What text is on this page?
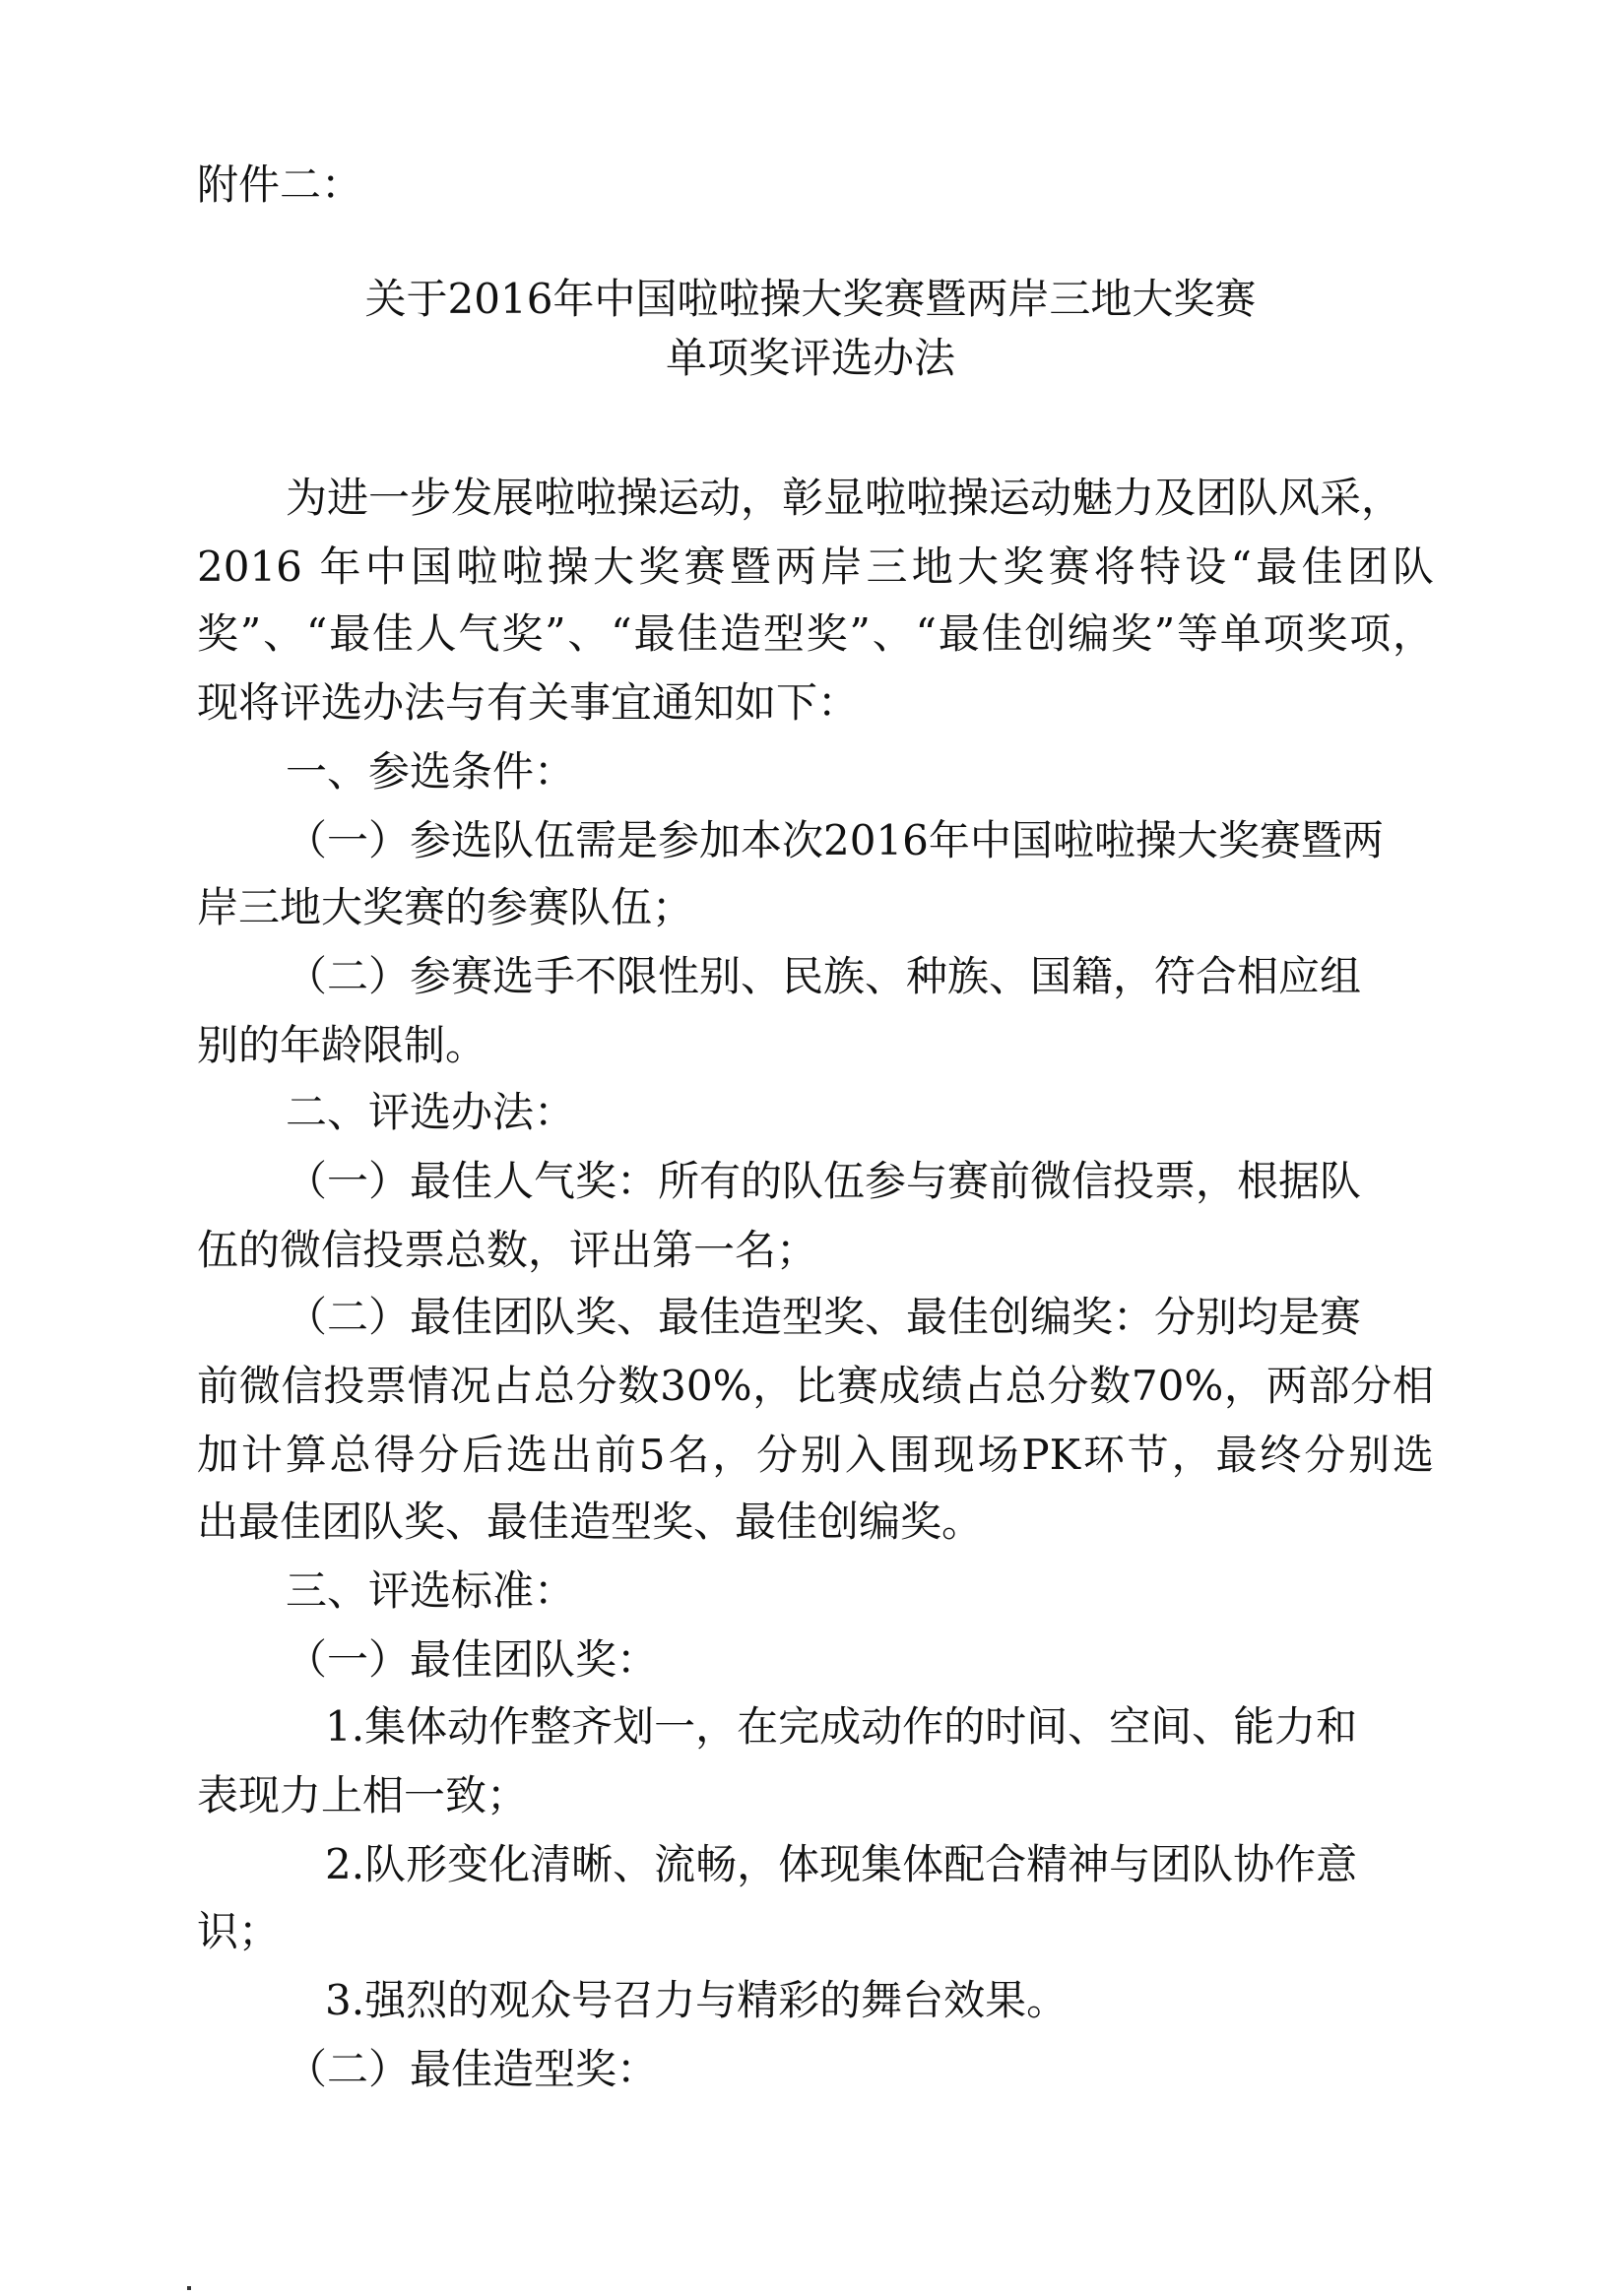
附件二：
关于2016年中国啦啦操大奖赛暨两岸三地大奖赛
单项奖评选办法
为进一步发展啦啦操运动，彰显啦啦操运动魅力及团队风采，
2016 年中国啦啦操大奖赛暨两岸三地大奖赛将特设“最佳团队
奖”、“最佳人气奖”、“最佳造型奖”、“最佳创编奖”等单项奖项，
现将评选办法与有关事宜通知如下：
一、参选条件：
（一）参选队伍需是参加本次2016年中国啦啦操大奖赛暨两
岸三地大奖赛的参赛队伍；
（二）参赛选手不限性别、民族、种族、国籍，符合相应组
别的年龄限制。
二、评选办法：
（一）最佳人气奖：所有的队伍参与赛前微信投票，根据队
伍的微信投票总数，评出第一名；
（二）最佳团队奖、最佳造型奖、最佳创编奖：分别均是赛
前微信投票情况占总分数30%，比赛成绩占总分数70%，两部分相
加计算总得分后选出前5名，分别入围现场PK环节，最终分别选
出最佳团队奖、最佳造型奖、最佳创编奖。
三、评选标准：
（一）最佳团队奖：
1.集体动作整齐划一，在完成动作的时间、空间、能力和
表现力上相一致；
2.队形变化清晰、流畅，体现集体配合精神与团队协作意
识；
3.强烈的观众号召力与精彩的舞台效果。
（二）最佳造型奖：
